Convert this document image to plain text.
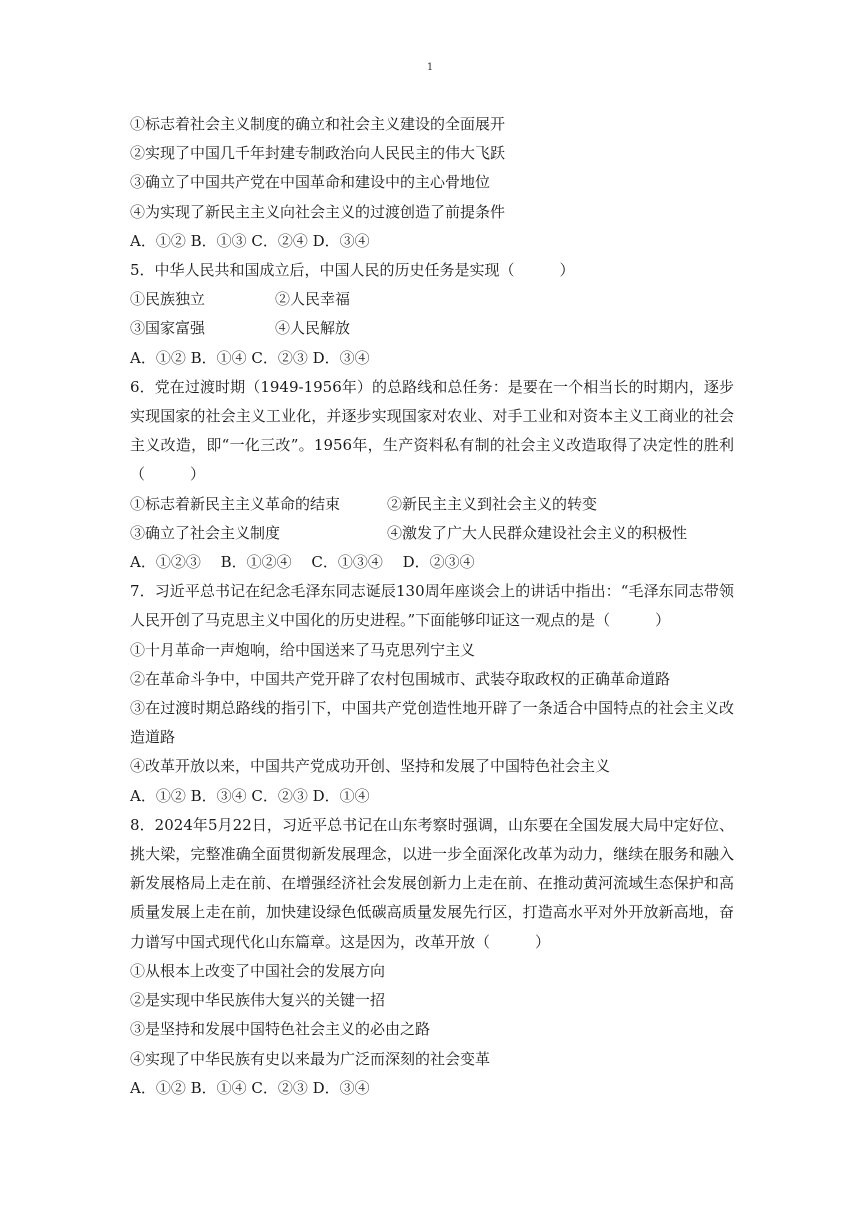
1
①标志着社会主义制度的确立和社会主义建设的全面展开
②实现了中国几千年封建专制政治向人民民主的伟大飞跃
③确立了中国共产党在中国革命和建设中的主心骨地位
④为实现了新民主主义向社会主义的过渡创造了前提条件
A．①② B．①③ C．②④ D．③④
5．中华人民共和国成立后，中国人民的历史任务是实现（　　　）
①民族独立	②人民幸福
③国家富强	④人民解放
A．①② B．①④ C．②③ D．③④
6．党在过渡时期（1949-1956年）的总路线和总任务：是要在一个相当长的时期内，逐步实现国家的社会主义工业化，并逐步实现国家对农业、对手工业和对资本主义工商业的社会主义改造，即“一化三改”。1956年，生产资料私有制的社会主义改造取得了决定性的胜利（　　　）
①标志着新民主主义革命的结束	②新民主主义到社会主义的转变
③确立了社会主义制度	④激发了广大人民群众建设社会主义的积极性
A．①②③　 B．①②④　 C．①③④　 D．②③④
7．习近平总书记在纪念毛泽东同志诞辰130周年座谈会上的讲话中指出：“毛泽东同志带领人民开创了马克思主义中国化的历史进程。”下面能够印证这一观点的是（　　　）
①十月革命一声炮响，给中国送来了马克思列宁主义
②在革命斗争中，中国共产党开辟了农村包围城市、武装夺取政权的正确革命道路
③在过渡时期总路线的指引下，中国共产党创造性地开辟了一条适合中国特点的社会主义改造道路
④改革开放以来，中国共产党成功开创、坚持和发展了中国特色社会主义
A．①② B．③④ C．②③ D．①④
8．2024年5月22日，习近平总书记在山东考察时强调，山东要在全国发展大局中定好位、挑大梁，完整准确全面贯彻新发展理念，以进一步全面深化改革为动力，继续在服务和融入新发展格局上走在前、在增强经济社会发展创新力上走在前、在推动黄河流域生态保护和高质量发展上走在前，加快建设绿色低碳高质量发展先行区，打造高水平对外开放新高地，奋力谱写中国式现代化山东篇章。这是因为，改革开放（　　　）
①从根本上改变了中国社会的发展方向
②是实现中华民族伟大复兴的关键一招
③是坚持和发展中国特色社会主义的必由之路
④实现了中华民族有史以来最为广泛而深刻的社会变革
A．①② B．①④ C．②③ D．③④
